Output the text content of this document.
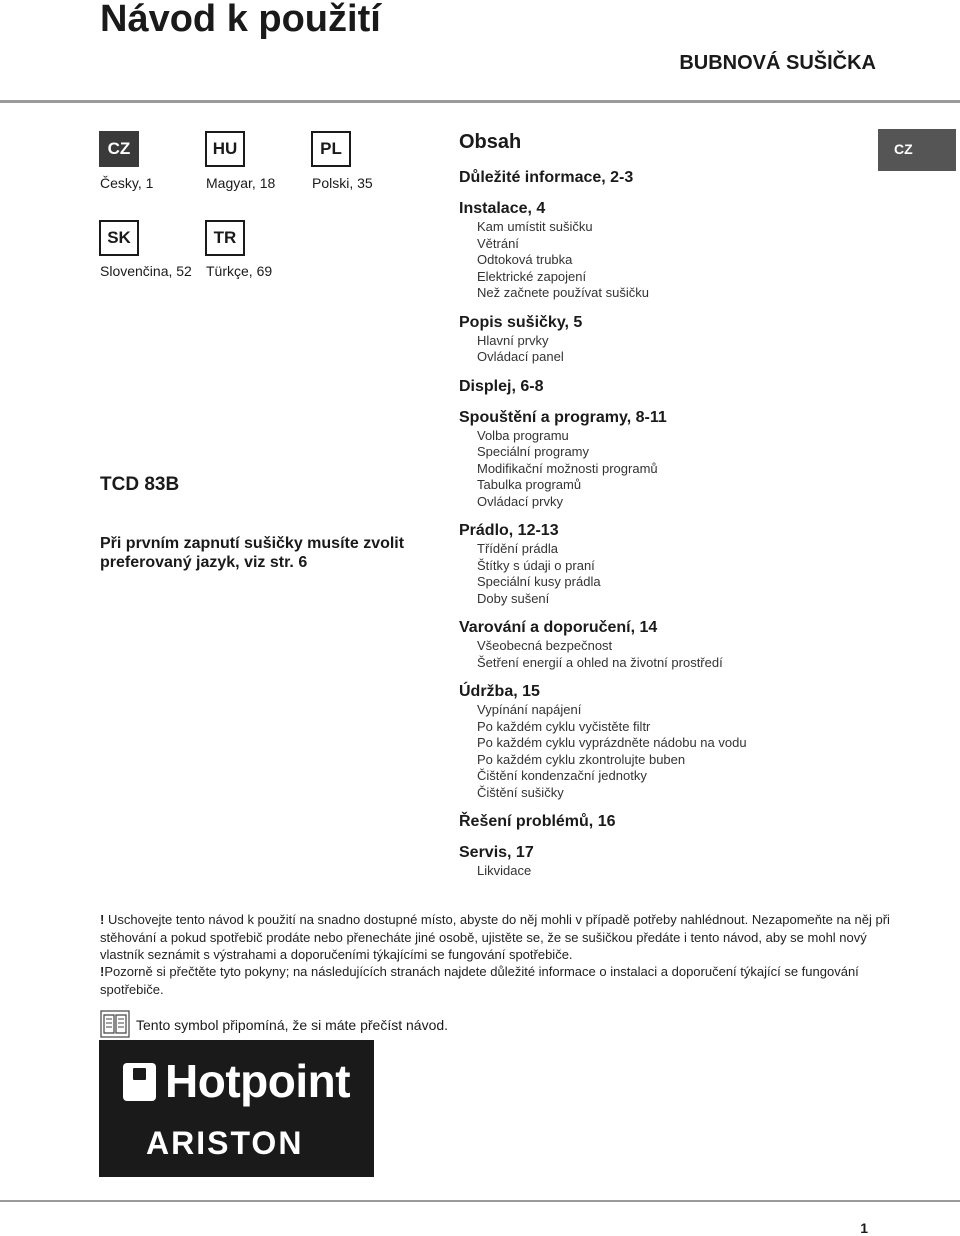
Návod k použití
BUBNOVÁ SUŠIČKA
CZ
Česky, 1
HU
Magyar, 18
PL
Polski, 35
SK
Slovenčina, 52
TR
Türkçe, 69
CZ
TCD 83B
Při prvním zapnutí sušičky musíte zvolit preferovaný jazyk, viz str. 6
Obsah
Důležité informace, 2-3
Instalace, 4
Kam umístit sušičku
Větrání
Odtoková trubka
Elektrické zapojení
Než začnete používat sušičku
Popis sušičky, 5
Hlavní prvky
Ovládací panel
Displej, 6-8
Spouštění a programy, 8-11
Volba programu
Speciální programy
Modifikační možnosti programů
Tabulka programů
Ovládací prvky
Prádlo, 12-13
Třídění prádla
Štítky s údaji o praní
Speciální kusy prádla
Doby sušení
Varování a doporučení, 14
Všeobecná bezpečnost
Šetření energií a ohled na životní prostředí
Údržba, 15
Vypínání napájení
Po každém cyklu vyčistěte filtr
Po každém cyklu vyprázdněte nádobu na vodu
Po každém cyklu zkontrolujte buben
Čištění kondenzační jednotky
Čištění sušičky
Řešení problémů, 16
Servis, 17
Likvidace
! Uschovejte tento návod k použití na snadno dostupné místo, abyste do něj mohli v případě potřeby nahlédnout. Nezapomeňte na něj při stěhování a pokud spotřebič prodáte nebo přenecháte jiné osobě, ujistěte se, že se sušičkou předáte i tento návod, aby se mohl nový vlastník seznámit s výstrahami a doporučeními týkajícími se fungování spotřebiče.
!Pozorně si přečtěte tyto pokyny; na následujících stranách najdete důležité informace o instalaci a doporučení týkající se fungování spotřebiče.
Tento symbol připomíná, že si máte přečíst návod.
Hotpoint
ARISTON
1
